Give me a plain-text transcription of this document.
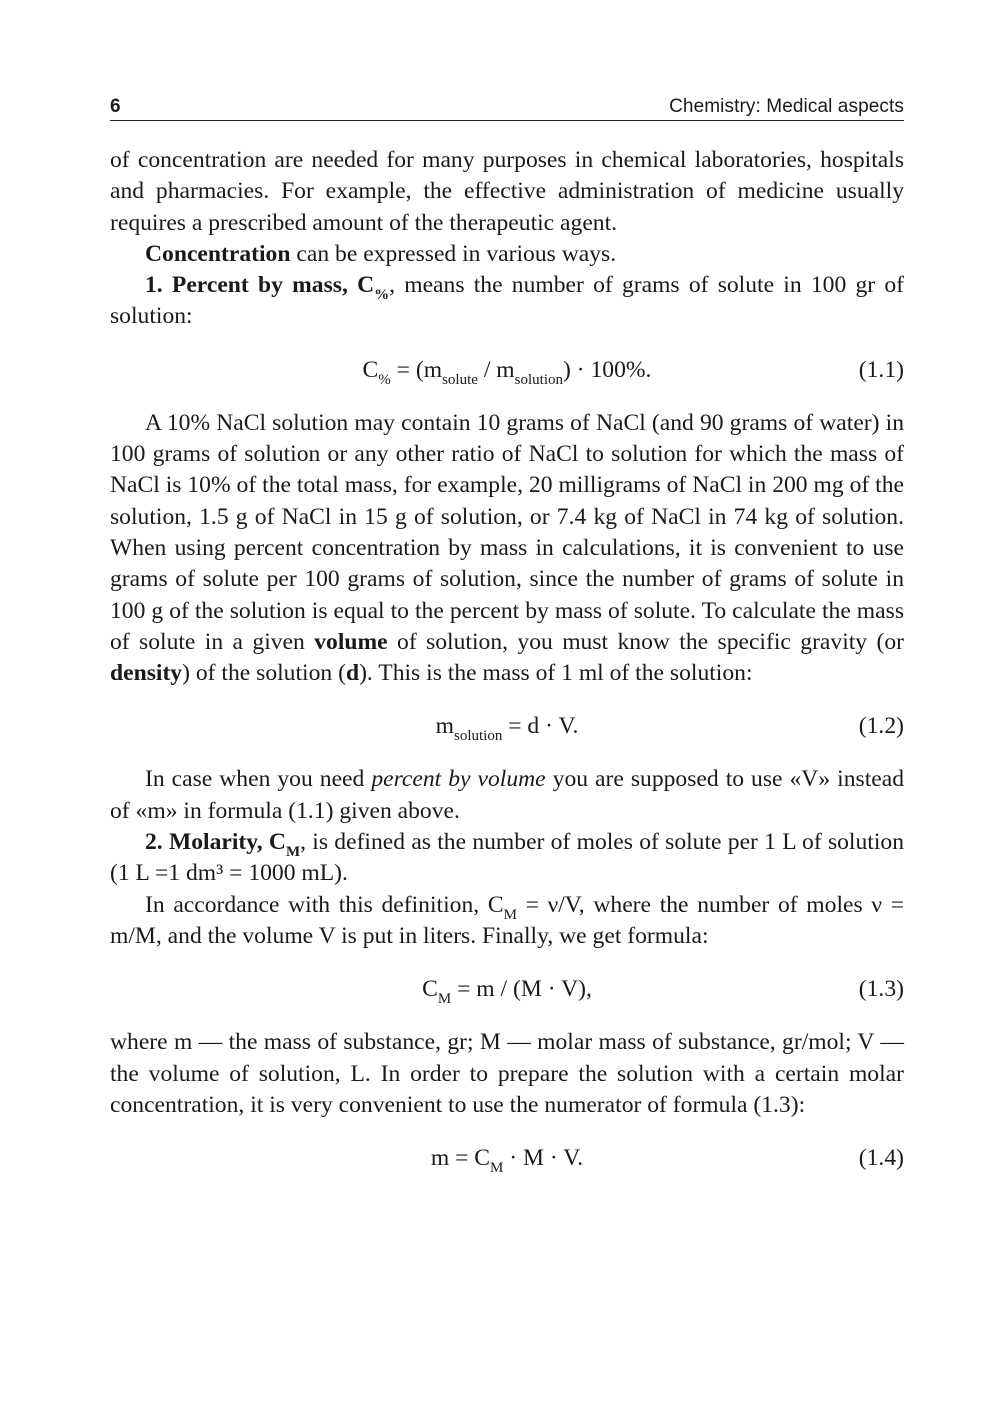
6	Chemistry: Medical aspects

of concentration are needed for many purposes in chemical laboratories, hospitals and pharmacies. For example, the effective administration of medicine usually requires a prescribed amount of the therapeutic agent.

Concentration can be expressed in various ways.

1. Percent by mass, $C_{\%}$, means the number of grams of solute in 100 gr of solution:

$C_{\%} = (m_{solute} / m_{solution}) \cdot 100\%$.	(1.1)

A 10% NaCl solution may contain 10 grams of NaCl (and 90 grams of water) in 100 grams of solution or any other ratio of NaCl to solution for which the mass of NaCl is 10% of the total mass, for example, 20 milligrams of NaCl in 200 mg of the solution, 1.5 g of NaCl in 15 g of solution, or 7.4 kg of NaCl in 74 kg of solution. When using percent concentration by mass in calculations, it is convenient to use grams of solute per 100 grams of solution, since the number of grams of solute in 100 g of the solution is equal to the percent by mass of solute. To calculate the mass of solute in a given volume of solution, you must know the specific gravity (or density) of the solution (d). This is the mass of 1 ml of the solution:

$m_{solution} = d \cdot V$.	(1.2)

In case when you need percent by volume you are supposed to use «V» instead of «m» in formula (1.1) given above.

2. Molarity, $C_M$, is defined as the number of moles of solute per 1 L of solution (1 L =1 dm³ = 1000 mL).

In accordance with this definition, $C_M = \nu/V$, where the number of moles ν = m/M, and the volume V is put in liters. Finally, we get formula:

$C_M = m / (M \cdot V)$,	(1.3)

where m — the mass of substance, gr; M — molar mass of substance, gr/mol; V — the volume of solution, L. In order to prepare the solution with a certain molar concentration, it is very convenient to use the numerator of formula (1.3):

$m = C_M \cdot M \cdot V$.	(1.4)
